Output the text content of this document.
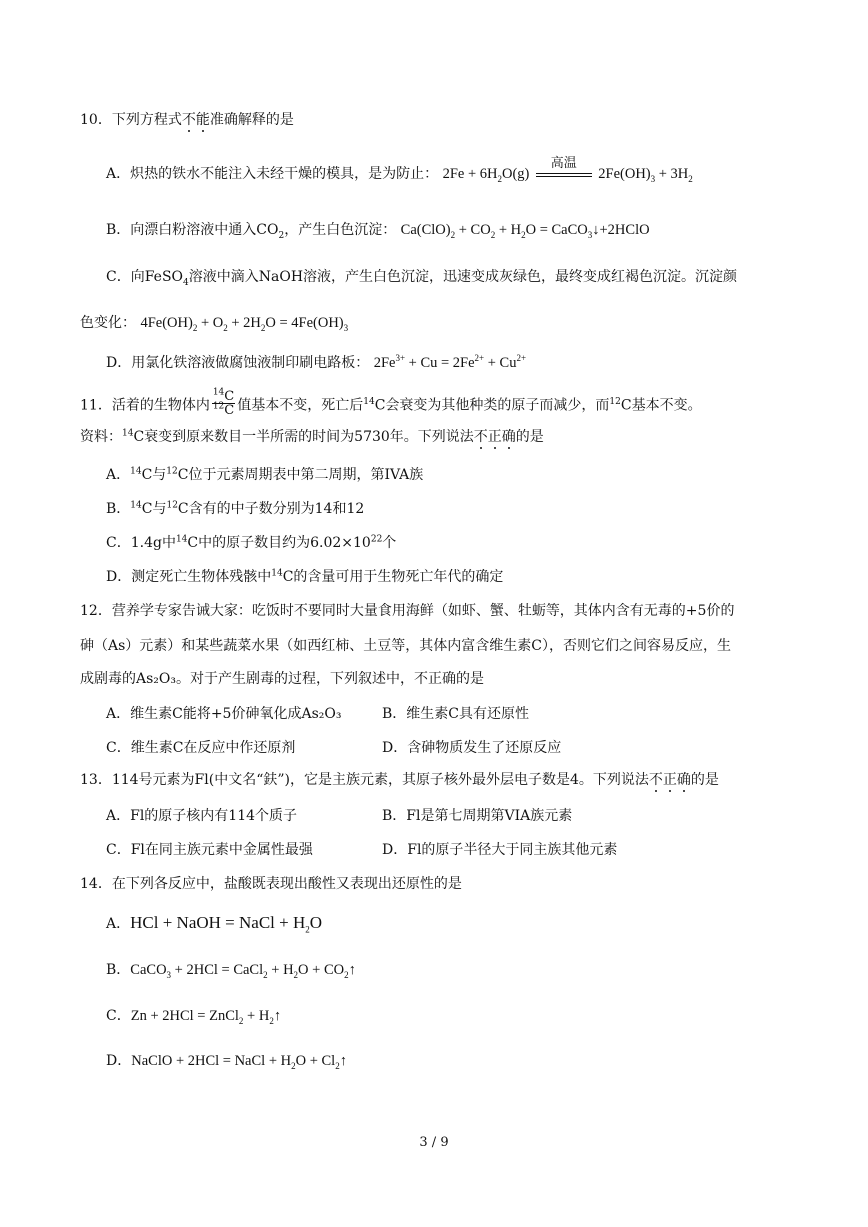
10．下列方程式不能准确解释的是
A．炽热的铁水不能注入未经干燥的模具，是为防止： $2Fe + 6H_2O(g)$
高温
$2Fe(OH)_3 + 3H_2$
B．向漂白粉溶液中通入$CO_2$，产生白色沉淀： $Ca(ClO)_2 + CO_2 + H_2O$ = CaCO$_3$↓+2HClO
C．向FeSO$_4$溶液中滴入NaOH溶液，产生白色沉淀，迅速变成灰绿色，最终变成红褐色沉淀。沉淀颜
色变化： $4Fe(OH)_2 + O_2 + 2H_2O = 4Fe(OH)_3$
D．用氯化铁溶液做腐蚀液制印刷电路板： $2Fe^{3+} + Cu = 2Fe^{2+} + Cu^{2+}$
11．活着的生物体内 $\frac{^{14}C}{^{12}C}$ 值基本不变，死亡后$^{14}$C会衰变为其他种类的原子而减少，而$^{12}$C基本不变。
资料：$^{14}$C衰变到原来数目一半所需的时间为5730年。下列说法不正确的是
A．$^{14}$C与$^{12}$C位于元素周期表中第二周期，第IVA族
B．$^{14}$C与$^{12}$C含有的中子数分别为14和12
C．1.4g中$^{14}$C中的原子数目约为$6.02\times 10^{22}$个
D．测定死亡生物体残骸中$^{14}$C的含量可用于生物死亡年代的确定
12．营养学专家告诫大家：吃饭时不要同时大量食用海鲜（如虾、蟹、牡蛎等，其体内含有无毒的+5价的
砷（As）元素）和某些蔬菜水果（如西红柿、土豆等，其体内富含维生素C），否则它们之间容易反应，生
成剧毒的As₂O₃。对于产生剧毒的过程，下列叙述中，不正确的是
A．维生素C能将+5价砷氧化成As₂O₃	B．维生素C具有还原性
C．维生素C在反应中作还原剂	D．含砷物质发生了还原反应
13．114号元素为Fl(中文名“鈇”)，它是主族元素，其原子核外最外层电子数是4。下列说法不正确的是
A．Fl的原子核内有114个质子	B．Fl是第七周期第VIA族元素
C．Fl在同主族元素中金属性最强	D．Fl的原子半径大于同主族其他元素
14．在下列各反应中，盐酸既表现出酸性又表现出还原性的是
A．HCl + NaOH = NaCl + $H_2O$
B．CaCO$_3$ + 2HCl = CaCl$_2$ + $H_2O$ + $CO_2↑$
C．Zn + 2HCl = ZnCl$_2$ + $H_2↑$
D．NaClO + 2HCl = NaCl + $H_2O$ + $Cl_2↑$
3 / 9
